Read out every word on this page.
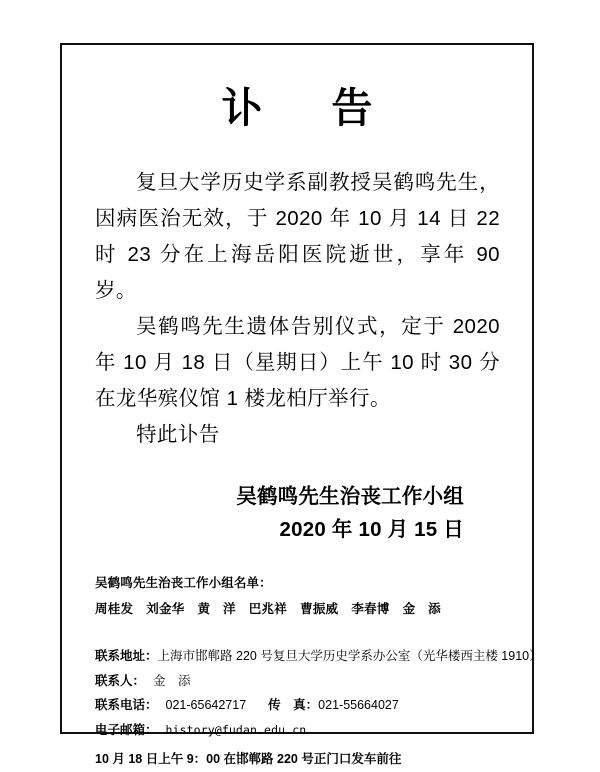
讣　告

复旦大学历史学系副教授吴鹤鸣先生，因病医治无效，于 2020 年 10 月 14 日 22 时 23 分在上海岳阳医院逝世，享年 90 岁。

吴鹤鸣先生遗体告别仪式，定于 2020 年 10 月 18 日（星期日）上午 10 时 30 分在龙华殡仪馆 1 楼龙柏厅举行。

特此讣告

吴鹤鸣先生治丧工作小组
2020 年 10 月 15 日
吴鹤鸣先生治丧工作小组名单：
周桂发 刘金华 黄　洋 巴兆祥 曹振威 李春博 金　添
联系地址：上海市邯郸路 220 号复旦大学历史学系办公室（光华楼西主楼 1910）
联系人： 金　添
联系电话： 021-65642717 传　真：021-55664027
电子邮箱： history@fudan.edu.cn
10 月 18 日上午 9：00 在邯郸路 220 号正门口发车前往
